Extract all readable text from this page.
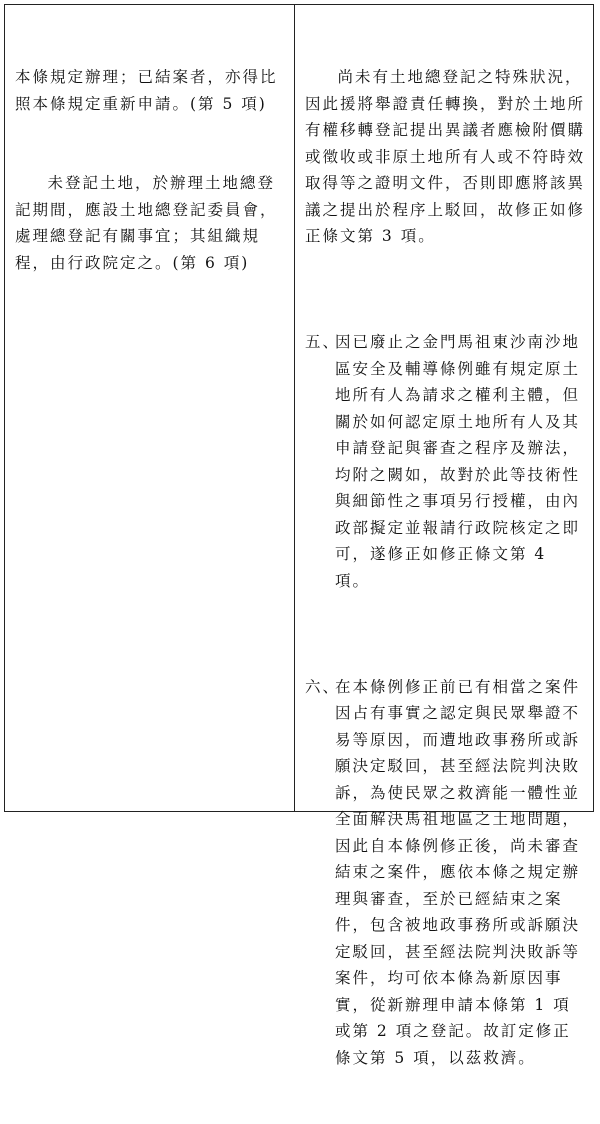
本條規定辦理；已結案者，亦得比照本條規定重新申請。(第 5 項)

未登記土地，於辦理土地總登記期間，應設土地總登記委員會，處理總登記有關事宜；其組織規程，由行政院定之。(第 6 項)

尚未有土地總登記之特殊狀況，因此援將舉證責任轉換，對於土地所有權移轉登記提出異議者應檢附價購或徵收或非原土地所有人或不符時效取得等之證明文件，否則即應將該異議之提出於程序上駁回，故修正如修正條文第 3 項。

五、
因已廢止之金門馬祖東沙南沙地區安全及輔導條例雖有規定原土地所有人為請求之權利主體，但關於如何認定原土地所有人及其申請登記與審查之程序及辦法，均附之闕如，故對於此等技術性與細節性之事項另行授權，由內政部擬定並報請行政院核定之即可，遂修正如修正條文第 4 項。

六、
在本條例修正前已有相當之案件因占有事實之認定與民眾舉證不易等原因，而遭地政事務所或訴願決定駁回，甚至經法院判決敗訴，為使民眾之救濟能一體性並全面解決馬祖地區之土地問題，因此自本條例修正後，尚未審查結束之案件，應依本條之規定辦理與審查，至於已經結束之案件，包含被地政事務所或訴願決定駁回，甚至經法院判決敗訴等案件，均可依本條為新原因事實，從新辦理申請本條第 1 項或第 2 項之登記。故訂定修正條文第 5 項，以茲救濟。
